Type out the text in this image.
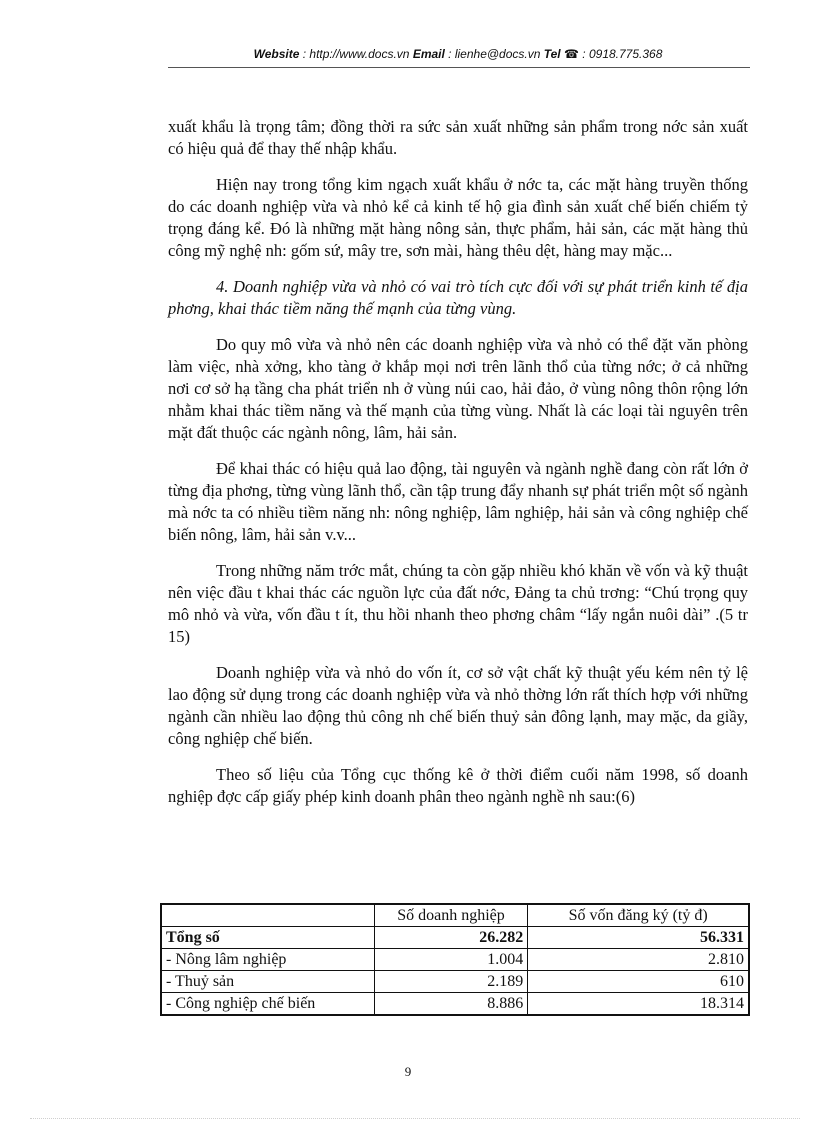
Website : http://www.docs.vn Email : lienhe@docs.vn Tel ☎ : 0918.775.368

xuất khẩu là trọng tâm; đồng thời ra sức sản xuất những sản phẩm trong nớc sản xuất có hiệu quả để thay thế nhập khẩu.

Hiện nay trong tổng kim ngạch xuất khẩu ở nớc ta, các mặt hàng truyền thống do các doanh nghiệp vừa và nhỏ kể cả kinh tế hộ gia đình sản xuất chế biến chiếm tỷ trọng đáng kể. Đó là những mặt hàng nông sản, thực phẩm, hải sản, các mặt hàng thủ công mỹ nghệ nh: gốm sứ, mây tre, sơn mài, hàng thêu dệt, hàng may mặc...

4. Doanh nghiệp vừa và nhỏ có vai trò tích cực đối với sự phát triển kinh tế địa phơng, khai thác tiềm năng thế mạnh của từng vùng.

Do quy mô vừa và nhỏ nên các doanh nghiệp vừa và nhỏ có thể đặt văn phòng làm việc, nhà xởng, kho tàng ở khắp mọi nơi trên lãnh thổ của từng nớc; ở cả những nơi cơ sở hạ tầng cha phát triển nh ở vùng núi cao, hải đảo, ở vùng nông thôn rộng lớn nhằm khai thác tiềm năng và thế mạnh của từng vùng. Nhất là các loại tài nguyên trên mặt đất thuộc các ngành nông, lâm, hải sản.

Để khai thác có hiệu quả lao động, tài nguyên và ngành nghề đang còn rất lớn ở từng địa phơng, từng vùng lãnh thổ, cần tập trung đẩy nhanh sự phát triển một số ngành mà nớc ta có nhiều tiềm năng nh: nông nghiệp, lâm nghiệp, hải sản và công nghiệp chế biến nông, lâm, hải sản v.v...

Trong những năm trớc mắt, chúng ta còn gặp nhiều khó khăn về vốn và kỹ thuật nên việc đầu t khai thác các nguồn lực của đất nớc, Đảng ta chủ trơng: “Chú trọng quy mô nhỏ và vừa, vốn đầu t ít, thu hồi nhanh theo phơng châm “lấy ngắn nuôi dài” .(5 tr 15)

Doanh nghiệp vừa và nhỏ do vốn ít, cơ sở vật chất kỹ thuật yếu kém nên tỷ lệ lao động sử dụng trong các doanh nghiệp vừa và nhỏ thờng lớn rất thích hợp với những ngành cần nhiều lao động thủ công nh chế biến thuỷ sản đông lạnh, may mặc, da giầy, công nghiệp chế biến.

Theo số liệu của Tổng cục thống kê ở thời điểm cuối năm 1998, số doanh nghiệp đợc cấp giấy phép kinh doanh phân theo ngành nghề nh sau:(6)

	Số doanh nghiệp	Số vốn đăng ký (tỷ đ)
Tổng số	26.282	56.331
- Nông lâm nghiệp	1.004	2.810
- Thuỷ sản	2.189	610
- Công nghiệp chế biến	8.886	18.314
9
